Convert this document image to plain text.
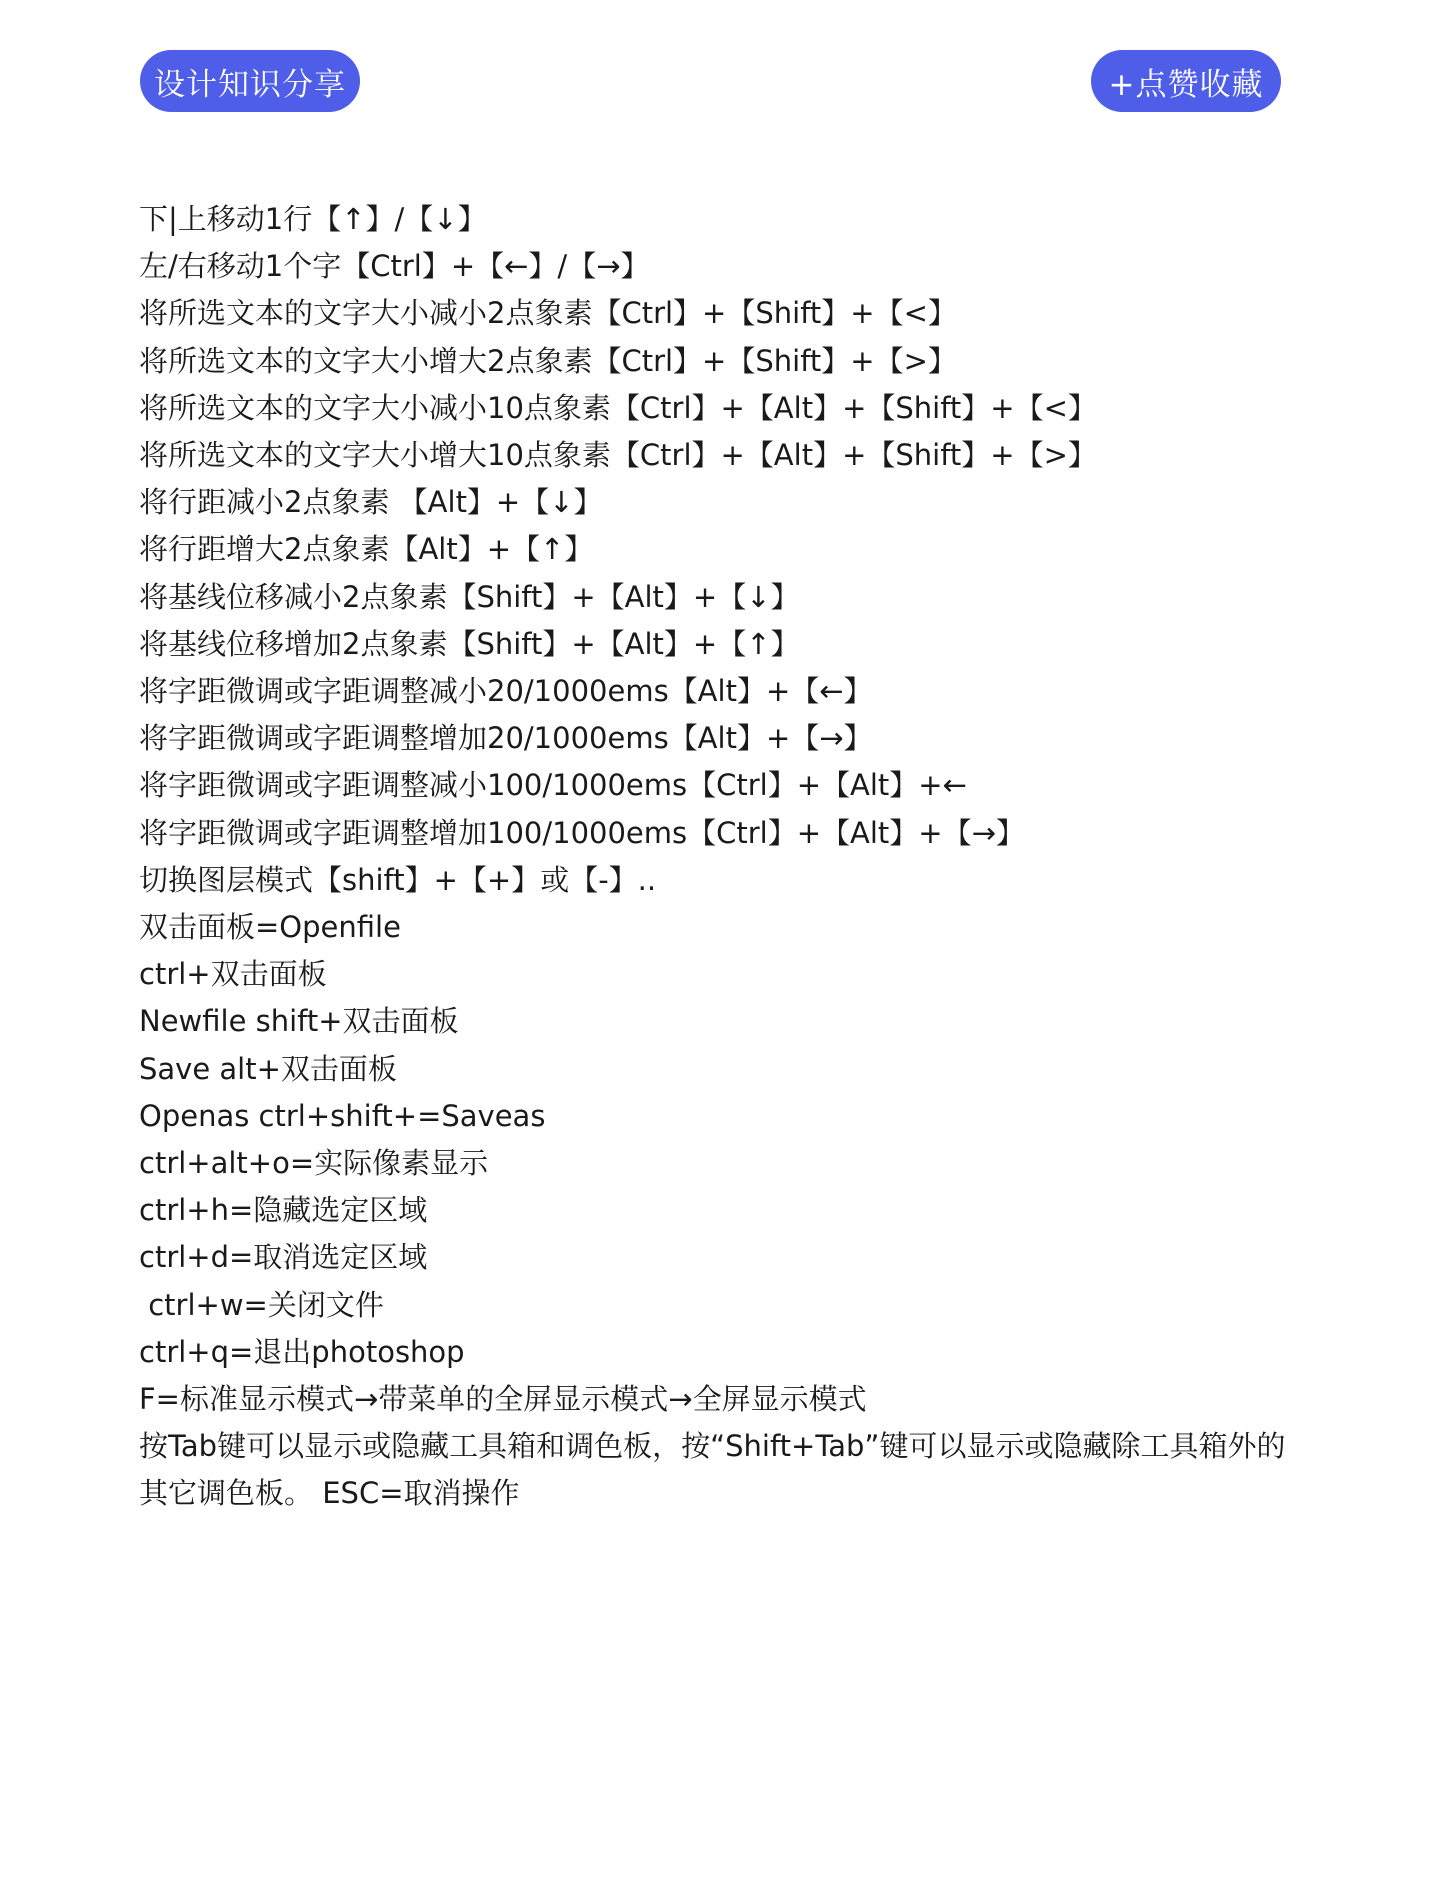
设计知识分享	+点赞收藏
下|上移动1行【↑】/【↓】
左/右移动1个字【Ctrl】+【←】/【→】
将所选文本的文字大小减小2点象素【Ctrl】+【Shift】+【<】
将所选文本的文字大小增大2点象素【Ctrl】+【Shift】+【>】
将所选文本的文字大小减小10点象素【Ctrl】+【Alt】+【Shift】+【<】
将所选文本的文字大小增大10点象素【Ctrl】+【Alt】+【Shift】+【>】
将行距减小2点象素 【Alt】+【↓】
将行距增大2点象素【Alt】+【↑】
将基线位移减小2点象素【Shift】+【Alt】+【↓】
将基线位移增加2点象素【Shift】+【Alt】+【↑】
将字距微调或字距调整减小20/1000ems【Alt】+【←】
将字距微调或字距调整增加20/1000ems【Alt】+【→】
将字距微调或字距调整减小100/1000ems【Ctrl】+【Alt】+←
将字距微调或字距调整增加100/1000ems【Ctrl】+【Alt】+【→】
切换图层模式【shift】+【+】或【-】..
双击面板=Openfile
ctrl+双击面板
Newfile shift+双击面板
Save alt+双击面板
Openas ctrl+shift+=Saveas
ctrl+alt+o=实际像素显示
ctrl+h=隐藏选定区域
ctrl+d=取消选定区域
ctrl+w=关闭文件
ctrl+q=退出photoshop
F=标准显示模式→带菜单的全屏显示模式→全屏显示模式
按Tab键可以显示或隐藏工具箱和调色板，按“Shift+Tab”键可以显示或隐藏除工具箱外的其它调色板。 ESC=取消操作
